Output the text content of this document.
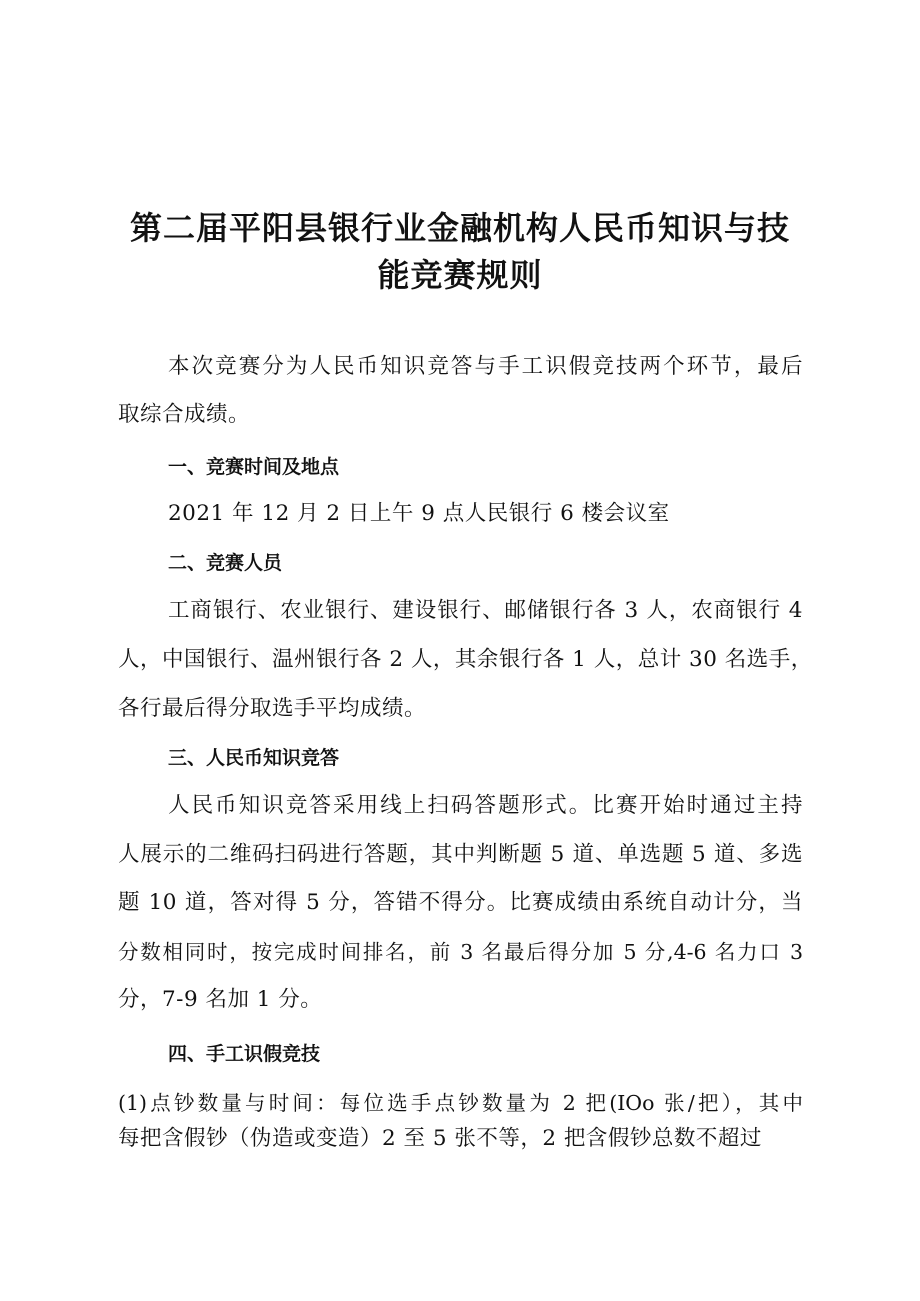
第二届平阳县银行业金融机构人民币知识与技
能竞赛规则
本次竞赛分为人民币知识竞答与手工识假竞技两个环节，最后
取综合成绩。
一、竞赛时间及地点
2021 年 12 月 2 日上午 9 点人民银行 6 楼会议室
二、竞赛人员
工商银行、农业银行、建设银行、邮储银行各 3 人，农商银行 4
人，中国银行、温州银行各 2 人，其余银行各 1 人，总计 30 名选手，
各行最后得分取选手平均成绩。
三、人民币知识竞答
人民币知识竞答采用线上扫码答题形式。比赛开始时通过主持
人展示的二维码扫码进行答题，其中判断题 5 道、单选题 5 道、多选
题 10 道，答对得 5 分，答错不得分。比赛成绩由系统自动计分，当
分数相同时，按完成时间排名，前 3 名最后得分加 5 分,4-6 名力口 3
分，7-9 名加 1 分。
四、手工识假竞技
(1)点钞数量与时间：每位选手点钞数量为 2 把(IOo 张/把），其中
每把含假钞（伪造或变造）2 至 5 张不等，2 把含假钞总数不超过
